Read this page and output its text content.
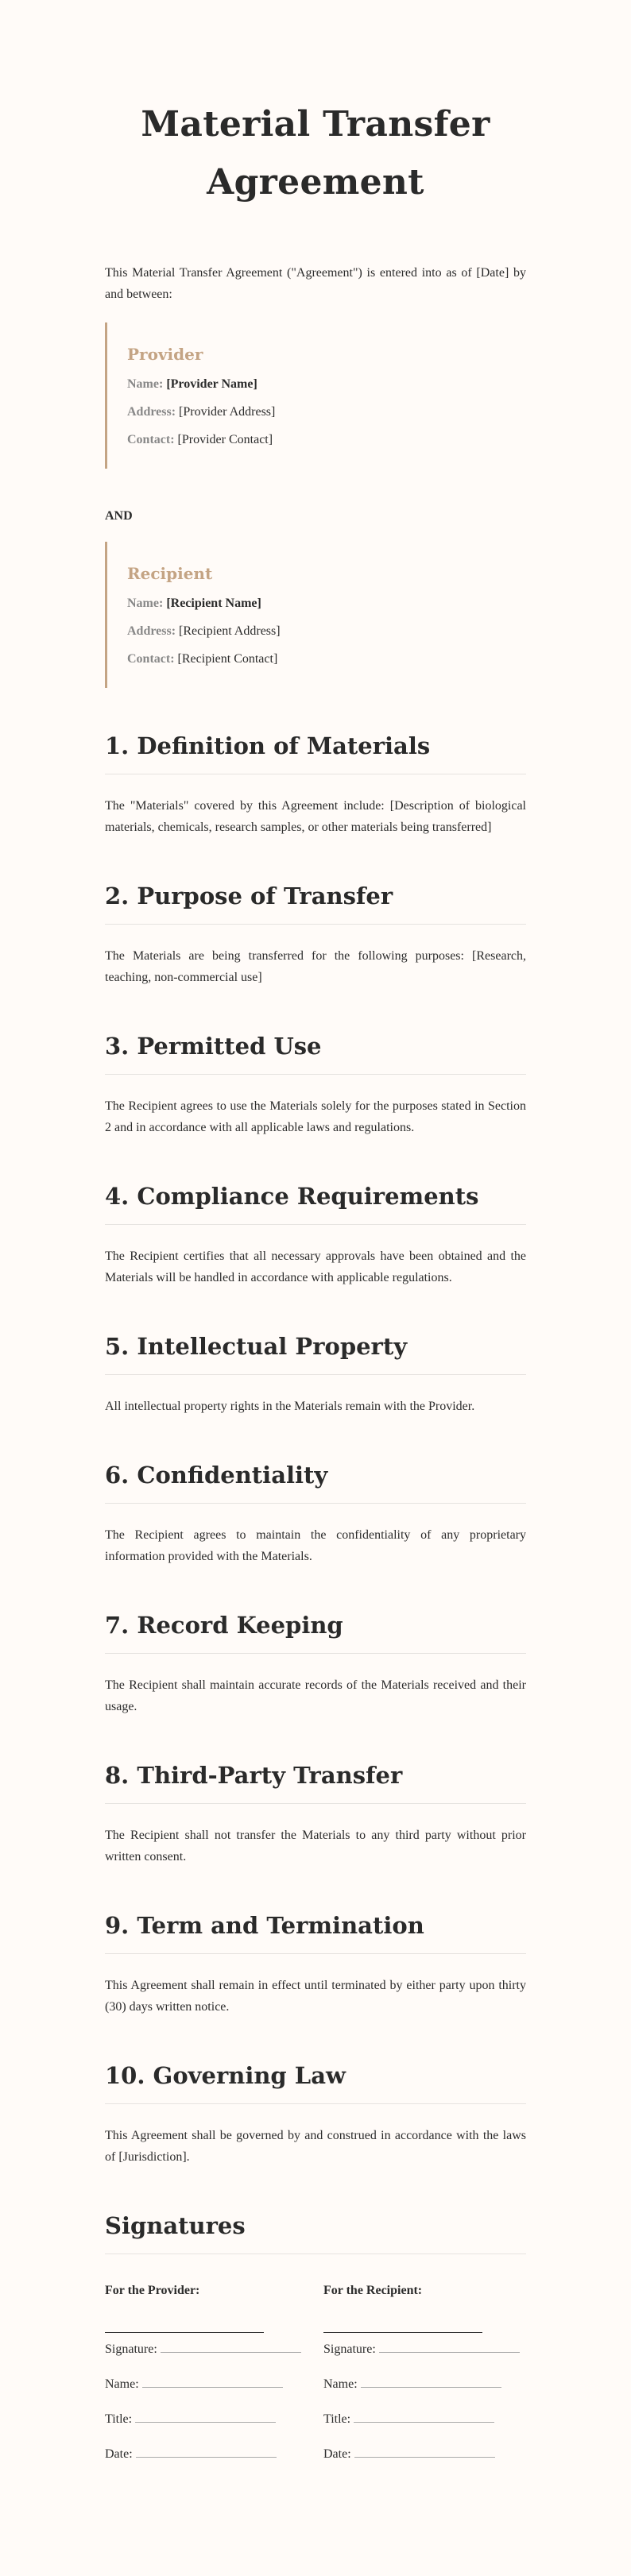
Material Transfer Agreement

This Material Transfer Agreement ("Agreement") is entered into as of [Date] by and between:

Provider
Name: [Provider Name]
Address: [Provider Address]
Contact: [Provider Contact]
AND
Recipient
Name: [Recipient Name]
Address: [Recipient Address]
Contact: [Recipient Contact]
1. Definition of Materials

The "Materials" covered by this Agreement include: [Description of biological materials, chemicals, research samples, or other materials being transferred]

2. Purpose of Transfer

The Materials are being transferred for the following purposes: [Research, teaching, non-commercial use]

3. Permitted Use

The Recipient agrees to use the Materials solely for the purposes stated in Section 2 and in accordance with all applicable laws and regulations.

4. Compliance Requirements

The Recipient certifies that all necessary approvals have been obtained and the Materials will be handled in accordance with applicable regulations.

5. Intellectual Property

All intellectual property rights in the Materials remain with the Provider.

6. Confidentiality

The Recipient agrees to maintain the confidentiality of any proprietary information provided with the Materials.

7. Record Keeping

The Recipient shall maintain accurate records of the Materials received and their usage.

8. Third-Party Transfer

The Recipient shall not transfer the Materials to any third party without prior written consent.

9. Term and Termination

This Agreement shall remain in effect until terminated by either party upon thirty (30) days written notice.

10. Governing Law

This Agreement shall be governed by and construed in accordance with the laws of [Jurisdiction].

Signatures
For the Provider:
Signature:
Name:
Title:
Date:
For the Recipient:
Signature:
Name:
Title:
Date:
